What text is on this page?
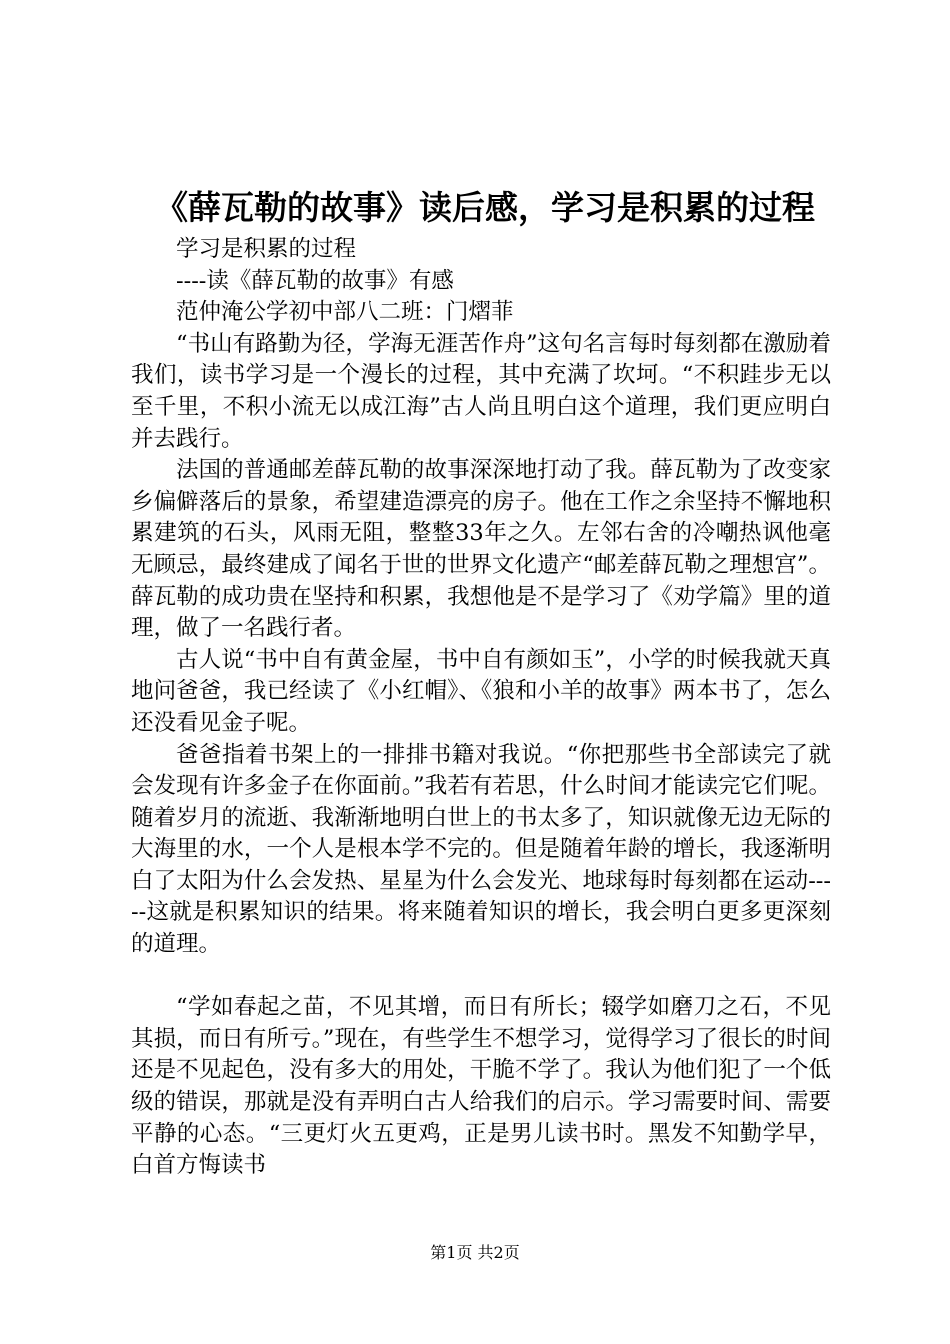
《薛瓦勒的故事》读后感，学习是积累的过程

学习是积累的过程

----读《薛瓦勒的故事》有感

范仲淹公学初中部八二班：门熠菲

“书山有路勤为径，学海无涯苦作舟”这句名言每时每刻都在激励着我们，读书学习是一个漫长的过程，其中充满了坎坷。“不积跬步无以至千里，不积小流无以成江海”古人尚且明白这个道理，我们更应明白并去践行。

法国的普通邮差薛瓦勒的故事深深地打动了我。薛瓦勒为了改变家乡偏僻落后的景象，希望建造漂亮的房子。他在工作之余坚持不懈地积累建筑的石头，风雨无阻，整整33年之久。左邻右舍的冷嘲热讽他毫无顾忌，最终建成了闻名于世的世界文化遗产“邮差薛瓦勒之理想宫”。薛瓦勒的成功贵在坚持和积累，我想他是不是学习了《劝学篇》里的道理，做了一名践行者。

古人说“书中自有黄金屋，书中自有颜如玉”，小学的时候我就天真地问爸爸，我已经读了《小红帽》、《狼和小羊的故事》两本书了，怎么还没看见金子呢。

爸爸指着书架上的一排排书籍对我说。“你把那些书全部读完了就会发现有许多金子在你面前。”我若有若思，什么时间才能读完它们呢。随着岁月的流逝、我渐渐地明白世上的书太多了，知识就像无边无际的大海里的水，一个人是根本学不完的。但是随着年龄的增长，我逐渐明白了太阳为什么会发热、星星为什么会发光、地球每时每刻都在运动-----这就是积累知识的结果。将来随着知识的增长，我会明白更多更深刻的道理。

“学如春起之苗，不见其增，而日有所长；辍学如磨刀之石，不见其损，而日有所亏。”现在，有些学生不想学习，觉得学习了很长的时间还是不见起色，没有多大的用处，干脆不学了。我认为他们犯了一个低级的错误，那就是没有弄明白古人给我们的启示。学习需要时间、需要平静的心态。“三更灯火五更鸡，正是男儿读书时。黑发不知勤学早，白首方悔读书

第1页 共2页
